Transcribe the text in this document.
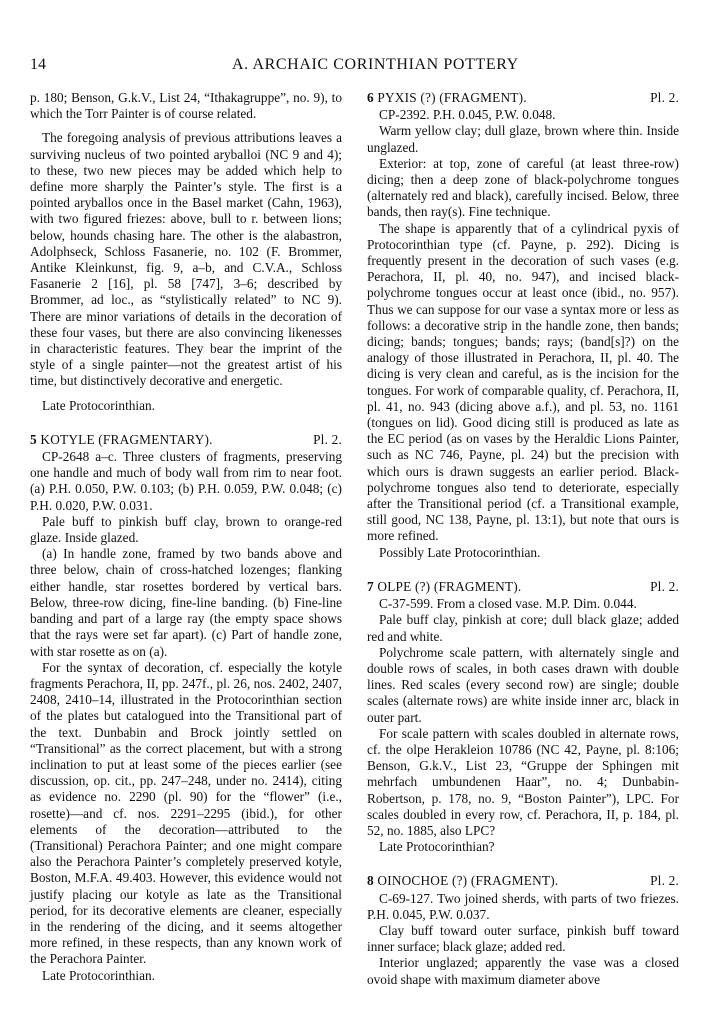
14	A. ARCHAIC CORINTHIAN POTTERY

p. 180; Benson, G.k.V., List 24, “Ithakagruppe”, no. 9), to which the Torr Painter is of course related.

The foregoing analysis of previous attributions leaves a surviving nucleus of two pointed aryballoi (NC 9 and 4); to these, two new pieces may be added which help to define more sharply the Painter’s style. The first is a pointed aryballos once in the Basel market (Cahn, 1963), with two figured friezes: above, bull to r. between lions; below, hounds chasing hare. The other is the alabastron, Adolphseck, Schloss Fasanerie, no. 102 (F. Brommer, Antike Kleinkunst, fig. 9, a–b, and C.V.A., Schloss Fasanerie 2 [16], pl. 58 [747], 3–6; described by Brommer, ad loc., as “stylistically related” to NC 9). There are minor variations of details in the decoration of these four vases, but there are also convincing likenesses in characteristic features. They bear the imprint of the style of a single painter—not the greatest artist of his time, but distinctively decorative and energetic.

Late Protocorinthian.

5 KOTYLE (FRAGMENTARY).	Pl. 2.

CP-2648 a–c. Three clusters of fragments, preserving one handle and much of body wall from rim to near foot. (a) P.H. 0.050, P.W. 0.103; (b) P.H. 0.059, P.W. 0.048; (c) P.H. 0.020, P.W. 0.031.

Pale buff to pinkish buff clay, brown to orange-red glaze. Inside glazed.

(a) In handle zone, framed by two bands above and three below, chain of cross-hatched lozenges; flanking either handle, star rosettes bordered by vertical bars. Below, three-row dicing, fine-line banding. (b) Fine-line banding and part of a large ray (the empty space shows that the rays were set far apart). (c) Part of handle zone, with star rosette as on (a).

For the syntax of decoration, cf. especially the kotyle fragments Perachora, II, pp. 247f., pl. 26, nos. 2402, 2407, 2408, 2410–14, illustrated in the Protocorinthian section of the plates but catalogued into the Transitional part of the text. Dunbabin and Brock jointly settled on “Transitional” as the correct placement, but with a strong inclination to put at least some of the pieces earlier (see discussion, op. cit., pp. 247–248, under no. 2414), citing as evidence no. 2290 (pl. 90) for the “flower” (i.e., rosette)—and cf. nos. 2291–2295 (ibid.), for other elements of the decoration—attributed to the (Transitional) Perachora Painter; and one might compare also the Perachora Painter’s completely preserved kotyle, Boston, M.F.A. 49.403. However, this evidence would not justify placing our kotyle as late as the Transitional period, for its decorative elements are cleaner, especially in the rendering of the dicing, and it seems altogether more refined, in these respects, than any known work of the Perachora Painter.

Late Protocorinthian.

6 PYXIS (?) (FRAGMENT).	Pl. 2.

CP-2392. P.H. 0.045, P.W. 0.048.

Warm yellow clay; dull glaze, brown where thin. Inside unglazed.

Exterior: at top, zone of careful (at least three-row) dicing; then a deep zone of black-polychrome tongues (alternately red and black), carefully incised. Below, three bands, then ray(s). Fine technique.

The shape is apparently that of a cylindrical pyxis of Protocorinthian type (cf. Payne, p. 292). Dicing is frequently present in the decoration of such vases (e.g. Perachora, II, pl. 40, no. 947), and incised black-polychrome tongues occur at least once (ibid., no. 957). Thus we can suppose for our vase a syntax more or less as follows: a decorative strip in the handle zone, then bands; dicing; bands; tongues; bands; rays; (band[s]?) on the analogy of those illustrated in Perachora, II, pl. 40. The dicing is very clean and careful, as is the incision for the tongues. For work of comparable quality, cf. Perachora, II, pl. 41, no. 943 (dicing above a.f.), and pl. 53, no. 1161 (tongues on lid). Good dicing still is produced as late as the EC period (as on vases by the Heraldic Lions Painter, such as NC 746, Payne, pl. 24) but the precision with which ours is drawn suggests an earlier period. Black-polychrome tongues also tend to deteriorate, especially after the Transitional period (cf. a Transitional example, still good, NC 138, Payne, pl. 13:1), but note that ours is more refined.

Possibly Late Protocorinthian.

7 OLPE (?) (FRAGMENT).	Pl. 2.

C-37-599. From a closed vase. M.P. Dim. 0.044.

Pale buff clay, pinkish at core; dull black glaze; added red and white.

Polychrome scale pattern, with alternately single and double rows of scales, in both cases drawn with double lines. Red scales (every second row) are single; double scales (alternate rows) are white inside inner arc, black in outer part.

For scale pattern with scales doubled in alternate rows, cf. the olpe Herakleion 10786 (NC 42, Payne, pl. 8:106; Benson, G.k.V., List 23, “Gruppe der Sphingen mit mehrfach umbundenen Haar”, no. 4; Dunbabin-Robertson, p. 178, no. 9, “Boston Painter”), LPC. For scales doubled in every row, cf. Perachora, II, p. 184, pl. 52, no. 1885, also LPC?

Late Protocorinthian?

8 OINOCHOE (?) (FRAGMENT).	Pl. 2.

C-69-127. Two joined sherds, with parts of two friezes. P.H. 0.045, P.W. 0.037.

Clay buff toward outer surface, pinkish buff toward inner surface; black glaze; added red.

Interior unglazed; apparently the vase was a closed ovoid shape with maximum diameter above
